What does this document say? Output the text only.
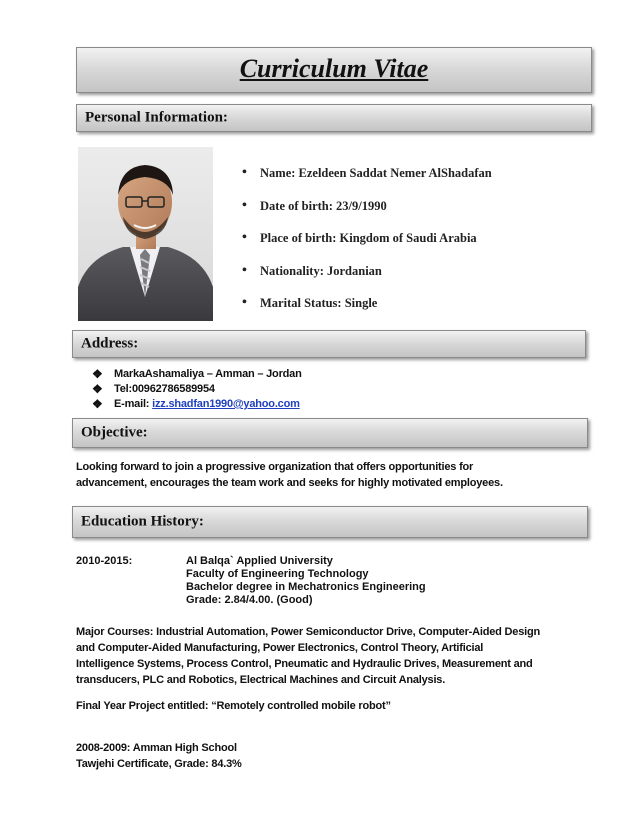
Curriculum Vitae
Personal Information:
• Name: Ezeldeen Saddat Nemer AlShadafan
• Date of birth: 23/9/1990
• Place of birth: Kingdom of Saudi Arabia
• Nationality: Jordanian
• Marital Status: Single
Address:
❖ MarkaAshamaliya – Amman – Jordan
❖ Tel:00962786589954
❖ E-mail: izz.shadfan1990@yahoo.com
Objective:
Looking forward to join a progressive organization that offers opportunities for
advancement, encourages the team work and seeks for highly motivated employees.
Education History:
2010-2015:	Al Balqa` Applied University
Faculty of Engineering Technology
Bachelor degree in Mechatronics Engineering
Grade: 2.84/4.00. (Good)
Major Courses: Industrial Automation, Power Semiconductor Drive, Computer-Aided Design
and Computer-Aided Manufacturing, Power Electronics, Control Theory, Artificial
Intelligence Systems, Process Control, Pneumatic and Hydraulic Drives, Measurement and
transducers, PLC and Robotics, Electrical Machines and Circuit Analysis.
Final Year Project entitled: “Remotely controlled mobile robot”
2008-2009: Amman High School
Tawjehi Certificate, Grade: 84.3%
